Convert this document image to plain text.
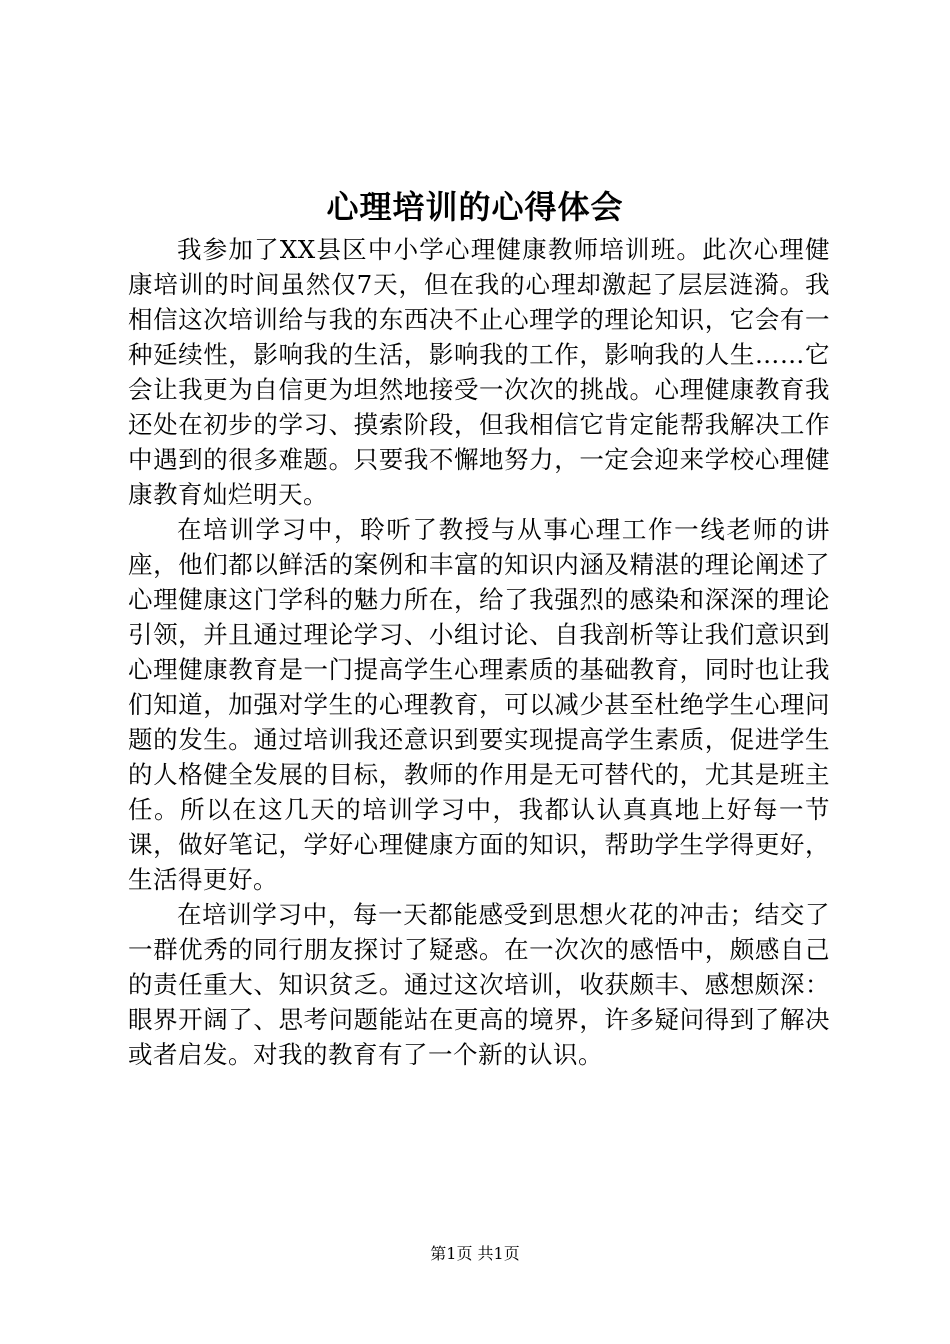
心理培训的心得体会

我参加了XX县区中小学心理健康教师培训班。此次心理健康培训的时间虽然仅7天，但在我的心理却激起了层层涟漪。我相信这次培训给与我的东西决不止心理学的理论知识，它会有一种延续性，影响我的生活，影响我的工作，影响我的人生……它会让我更为自信更为坦然地接受一次次的挑战。心理健康教育我还处在初步的学习、摸索阶段，但我相信它肯定能帮我解决工作中遇到的很多难题。只要我不懈地努力，一定会迎来学校心理健康教育灿烂明天。

在培训学习中，聆听了教授与从事心理工作一线老师的讲座，他们都以鲜活的案例和丰富的知识内涵及精湛的理论阐述了心理健康这门学科的魅力所在，给了我强烈的感染和深深的理论引领，并且通过理论学习、小组讨论、自我剖析等让我们意识到心理健康教育是一门提高学生心理素质的基础教育，同时也让我们知道，加强对学生的心理教育，可以减少甚至杜绝学生心理问题的发生。通过培训我还意识到要实现提高学生素质，促进学生的人格健全发展的目标，教师的作用是无可替代的，尤其是班主任。所以在这几天的培训学习中，我都认认真真地上好每一节课，做好笔记，学好心理健康方面的知识，帮助学生学得更好，生活得更好。

在培训学习中，每一天都能感受到思想火花的冲击；结交了一群优秀的同行朋友探讨了疑惑。在一次次的感悟中，颇感自己的责任重大、知识贫乏。通过这次培训，收获颇丰、感想颇深：眼界开阔了、思考问题能站在更高的境界，许多疑问得到了解决或者启发。对我的教育有了一个新的认识。

第1页 共1页
